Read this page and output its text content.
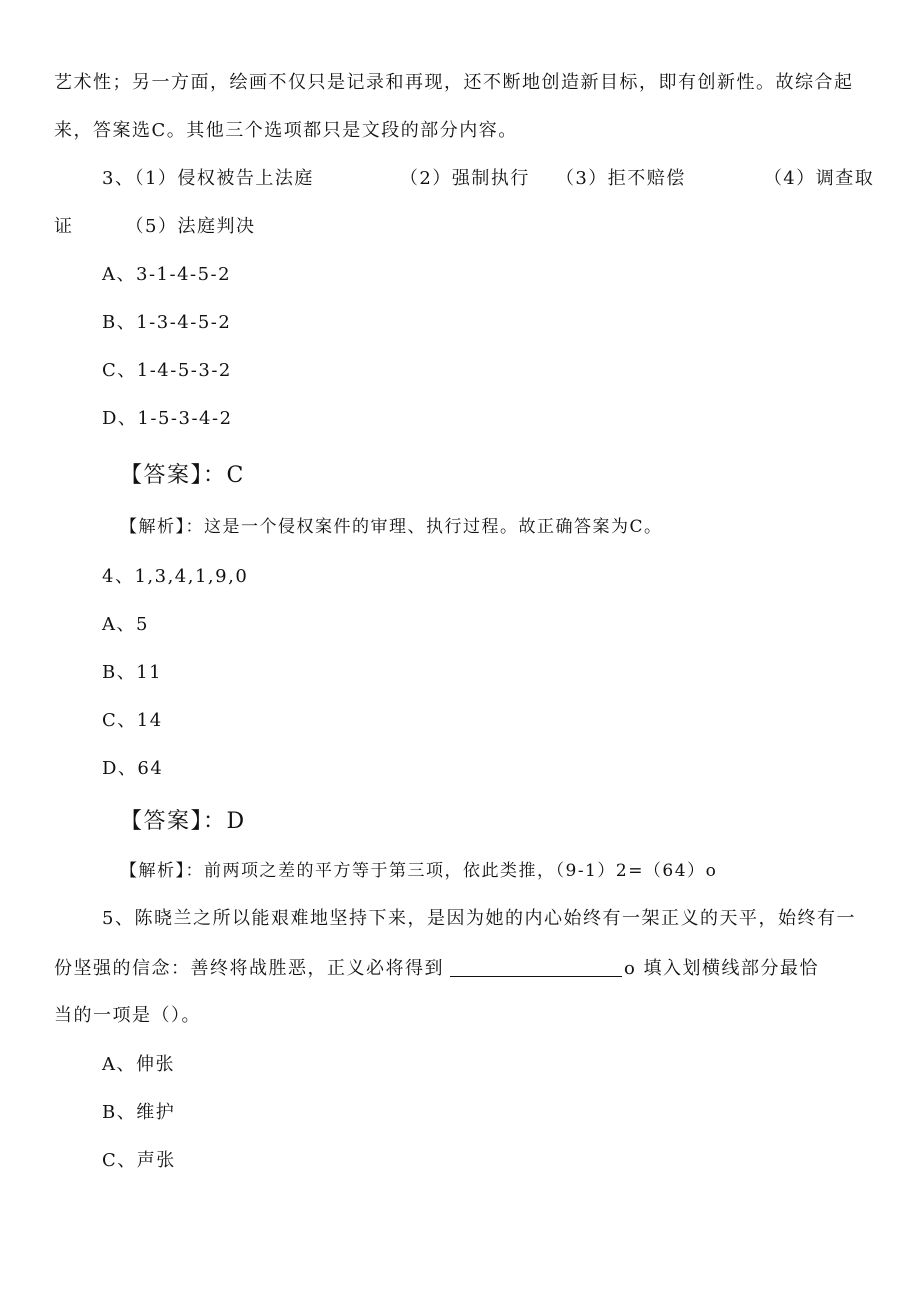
艺术性；另一方面，绘画不仅只是记录和再现，还不断地创造新目标，即有创新性。故综合起
来，答案选C。其他三个选项都只是文段的部分内容。
3、（1）侵权被告上法庭	（2）强制执行 （3）拒不赔偿	（4）调查取
证	（5）法庭判决
A、3-1-4-5-2
B、1-3-4-5-2
C、1-4-5-3-2
D、1-5-3-4-2
【答案】：C
【解析】：这是一个侵权案件的审理、执行过程。故正确答案为C。
4、1,3,4,1,9,0
A、5
B、11
C、14
D、64
【答案】：D
【解析】：前两项之差的平方等于第三项，依此类推，（9-1）2=（64）o
5、陈晓兰之所以能艰难地坚持下来，是因为她的内心始终有一架正义的天平，始终有一
份坚强的信念：善终将战胜恶，正义必将得到	o 填入划横线部分最恰
当的一项是（）。
A、伸张
B、维护
C、声张
